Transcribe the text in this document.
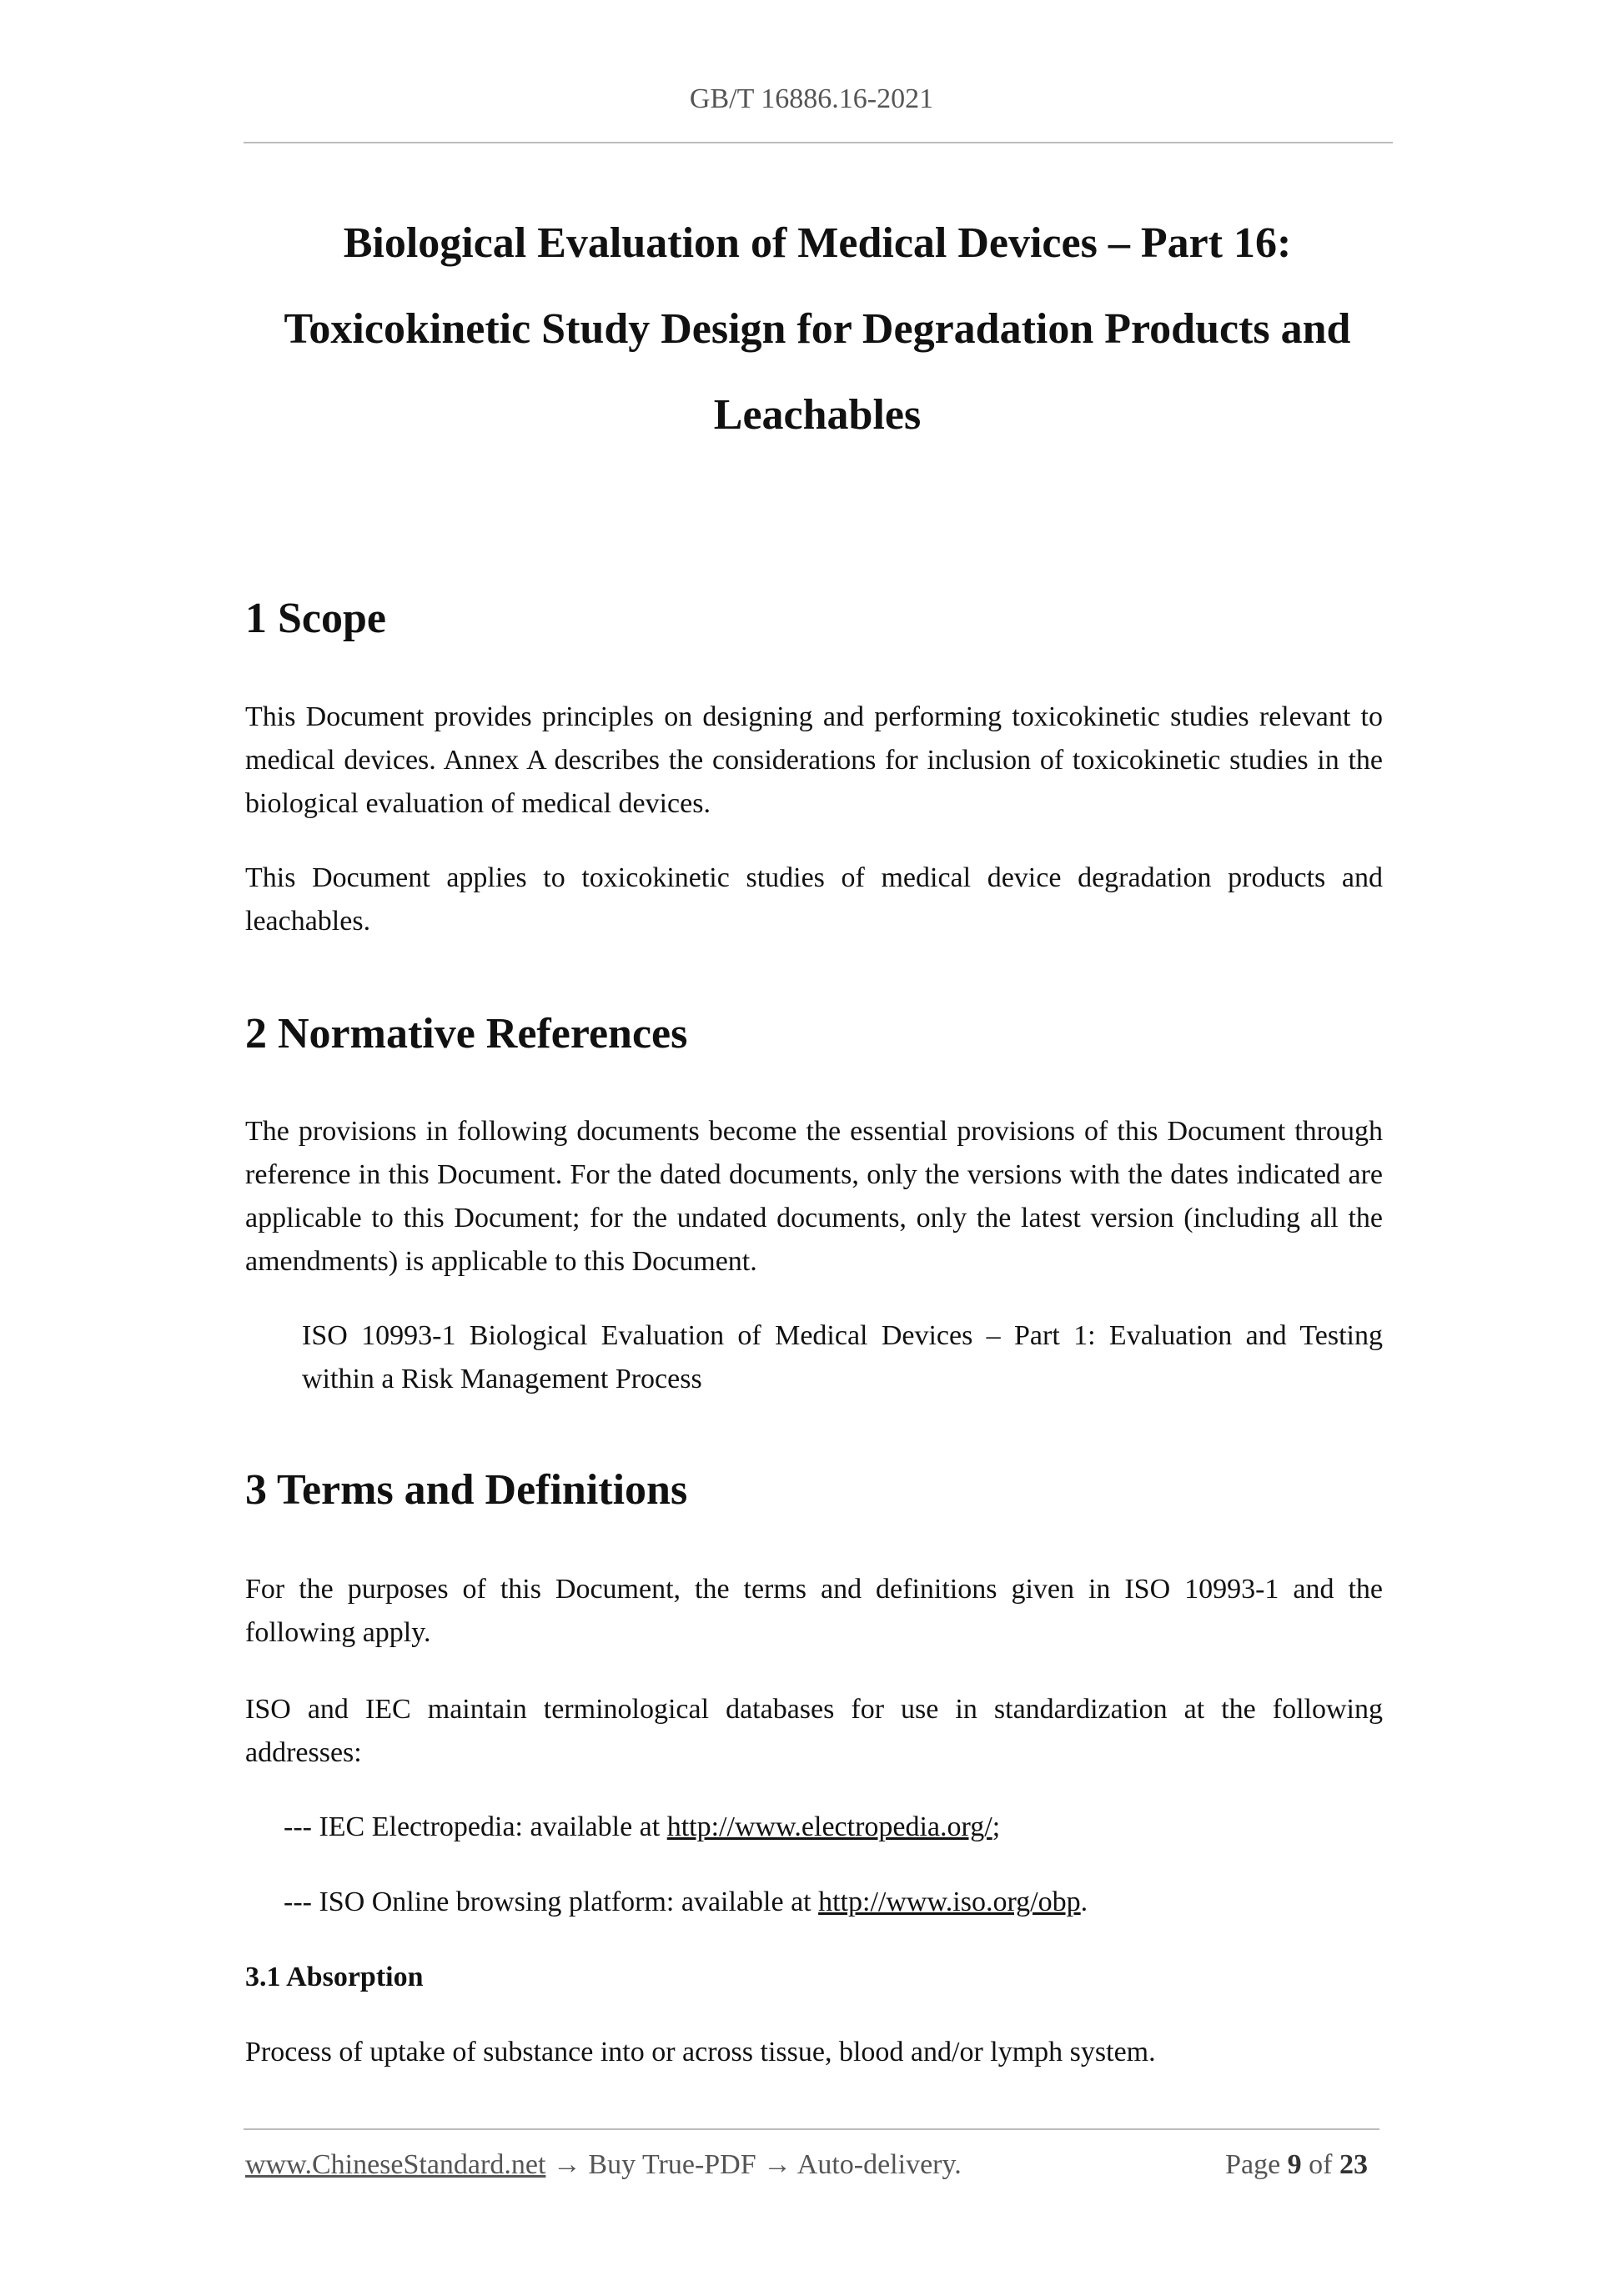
GB/T 16886.16-2021
Biological Evaluation of Medical Devices – Part 16:
Toxicokinetic Study Design for Degradation Products and
Leachables
1 Scope

This Document provides principles on designing and performing toxicokinetic studies relevant to medical devices. Annex A describes the considerations for inclusion of toxicokinetic studies in the biological evaluation of medical devices.

This Document applies to toxicokinetic studies of medical device degradation products and leachables.

2 Normative References

The provisions in following documents become the essential provisions of this Document through reference in this Document. For the dated documents, only the versions with the dates indicated are applicable to this Document; for the undated documents, only the latest version (including all the amendments) is applicable to this Document.

ISO 10993-1 Biological Evaluation of Medical Devices – Part 1: Evaluation and Testing within a Risk Management Process

3 Terms and Definitions

For the purposes of this Document, the terms and definitions given in ISO 10993-1 and the following apply.

ISO and IEC maintain terminological databases for use in standardization at the following addresses:

--- IEC Electropedia: available at http://www.electropedia.org/;

--- ISO Online browsing platform: available at http://www.iso.org/obp.

3.1 Absorption

Process of uptake of substance into or across tissue, blood and/or lymph system.

www.ChineseStandard.net → Buy True-PDF → Auto-delivery.	Page 9 of 23
